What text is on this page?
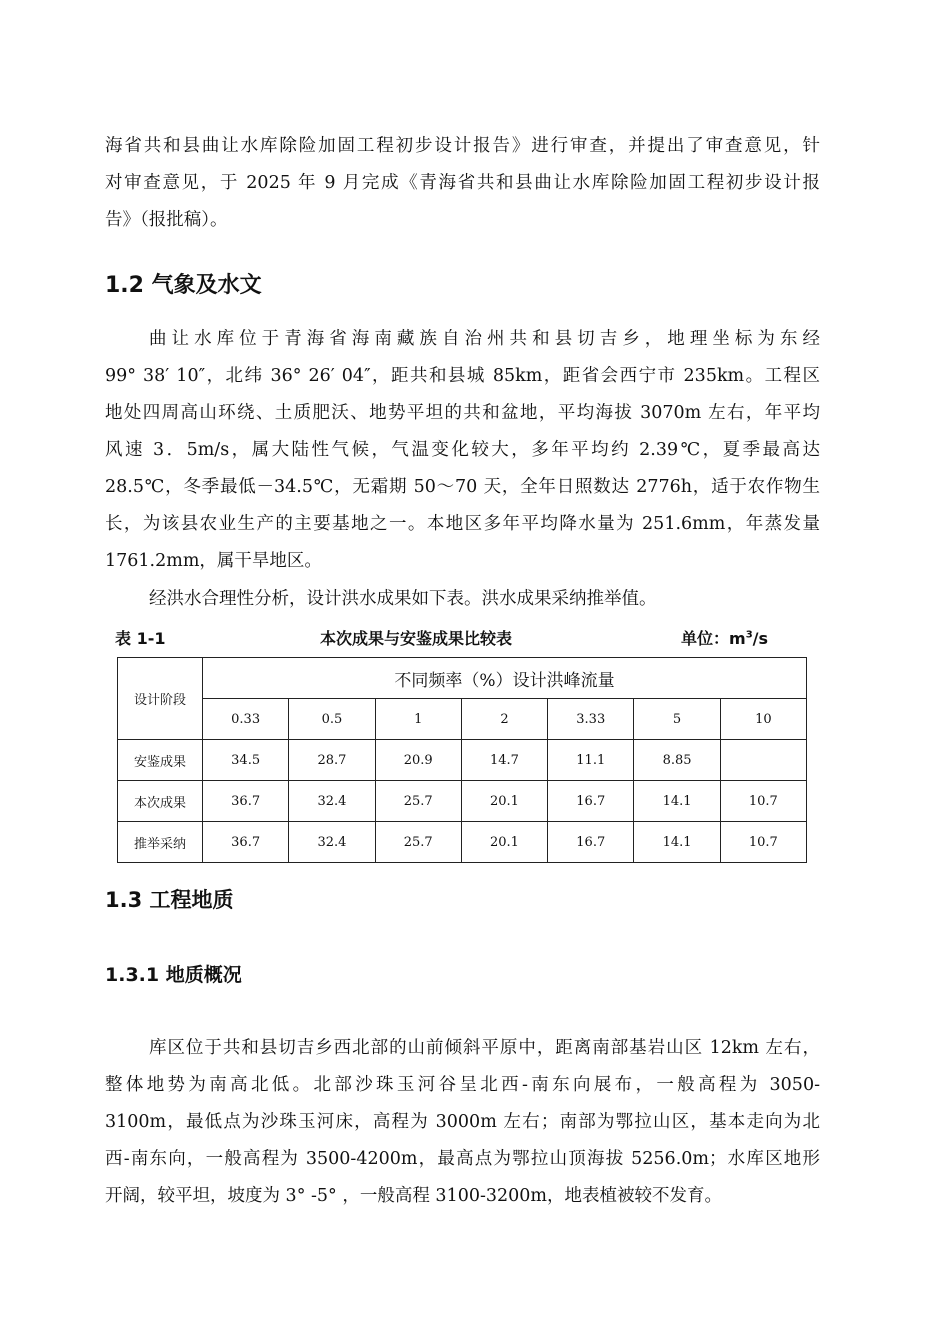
海省共和县曲让水库除险加固工程初步设计报告》进行审查，并提出了审查意见，针
对审查意见，于 2025 年 9 月完成《青海省共和县曲让水库除险加固工程初步设计报
告》（报批稿）。
1.2 气象及水文
曲让水库位于青海省海南藏族自治州共和县切吉乡，地理坐标为东经
99° 38′ 10″，北纬 36° 26′ 04″，距共和县城 85km，距省会西宁市 235km。工程区
地处四周高山环绕、土质肥沃、地势平坦的共和盆地，平均海拔 3070m 左右，年平均
风速 3．5m/s，属大陆性气候，气温变化较大，多年平均约 2.39℃，夏季最高达
28.5℃，冬季最低－34.5℃，无霜期 50～70 天，全年日照数达 2776h，适于农作物生
长，为该县农业生产的主要基地之一。本地区多年平均降水量为 251.6mm，年蒸发量
1761.2mm，属干旱地区。

经洪水合理性分析，设计洪水成果如下表。洪水成果采纳推举值。

表 1-1	本次成果与安鉴成果比较表	单位：$m^3/s$
设计阶段	不同频率（%）设计洪峰流量						
	0.33	0.5	1	2	3.33	5	10
安鉴成果	34.5	28.7	20.9	14.7	11.1	8.85	
本次成果	36.7	32.4	25.7	20.1	16.7	14.1	10.7
推举采纳	36.7	32.4	25.7	20.1	16.7	14.1	10.7
1.3 工程地质
1.3.1 地质概况
库区位于共和县切吉乡西北部的山前倾斜平原中，距离南部基岩山区 12km 左右，
整体地势为南高北低。北部沙珠玉河谷呈北西-南东向展布，一般高程为 3050-
3100m，最低点为沙珠玉河床，高程为 3000m 左右；南部为鄂拉山区，基本走向为北
西-南东向，一般高程为 3500-4200m，最高点为鄂拉山顶海拔 5256.0m；水库区地形
开阔，较平坦，坡度为 3° -5° ，一般高程 3100-3200m，地表植被较不发育。
